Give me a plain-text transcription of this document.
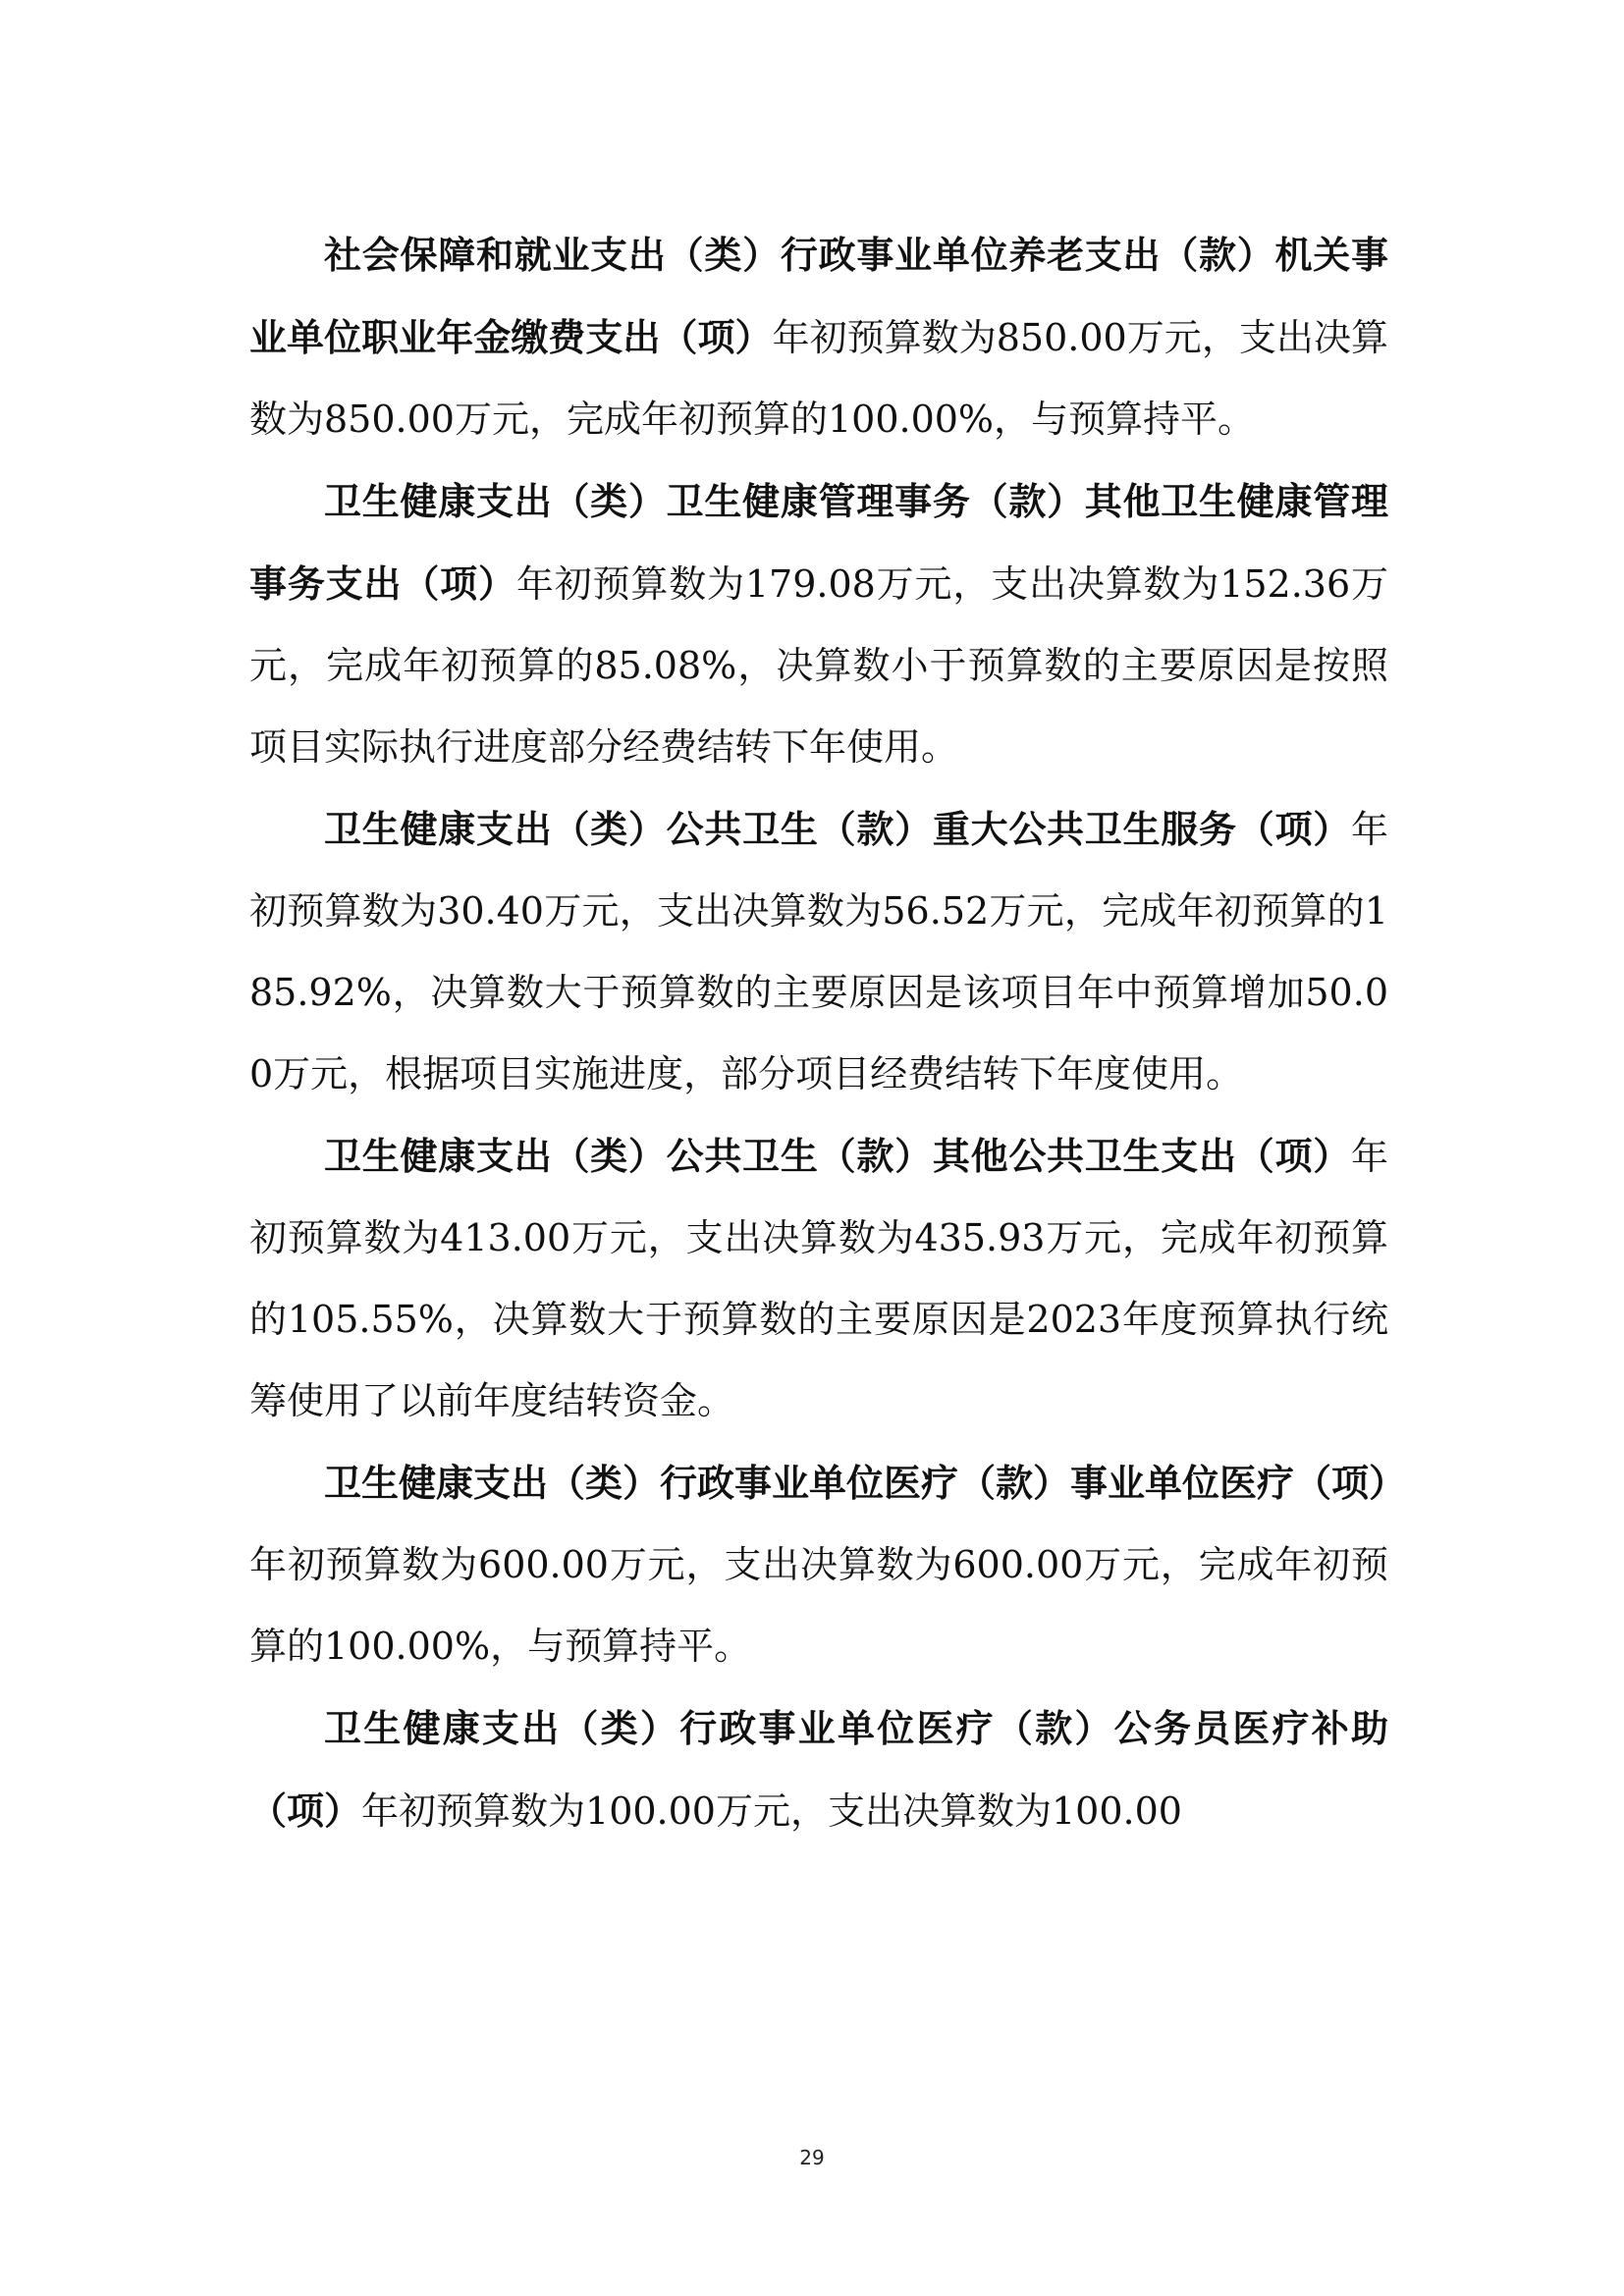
社会保障和就业支出（类）行政事业单位养老支出（款）机关事业单位职业年金缴费支出（项）年初预算数为850.00万元，支出决算数为850.00万元，完成年初预算的100.00%，与预算持平。

卫生健康支出（类）卫生健康管理事务（款）其他卫生健康管理事务支出（项）年初预算数为179.08万元，支出决算数为152.36万元，完成年初预算的85.08%，决算数小于预算数的主要原因是按照项目实际执行进度部分经费结转下年使用。

卫生健康支出（类）公共卫生（款）重大公共卫生服务（项）年初预算数为30.40万元，支出决算数为56.52万元，完成年初预算的185.92%，决算数大于预算数的主要原因是该项目年中预算增加50.00万元，根据项目实施进度，部分项目经费结转下年度使用。

卫生健康支出（类）公共卫生（款）其他公共卫生支出（项）年初预算数为413.00万元，支出决算数为435.93万元，完成年初预算的105.55%，决算数大于预算数的主要原因是2023年度预算执行统筹使用了以前年度结转资金。

卫生健康支出（类）行政事业单位医疗（款）事业单位医疗（项）年初预算数为600.00万元，支出决算数为600.00万元，完成年初预算的100.00%，与预算持平。

卫生健康支出（类）行政事业单位医疗（款）公务员医疗补助（项）年初预算数为100.00万元，支出决算数为100.00

29
